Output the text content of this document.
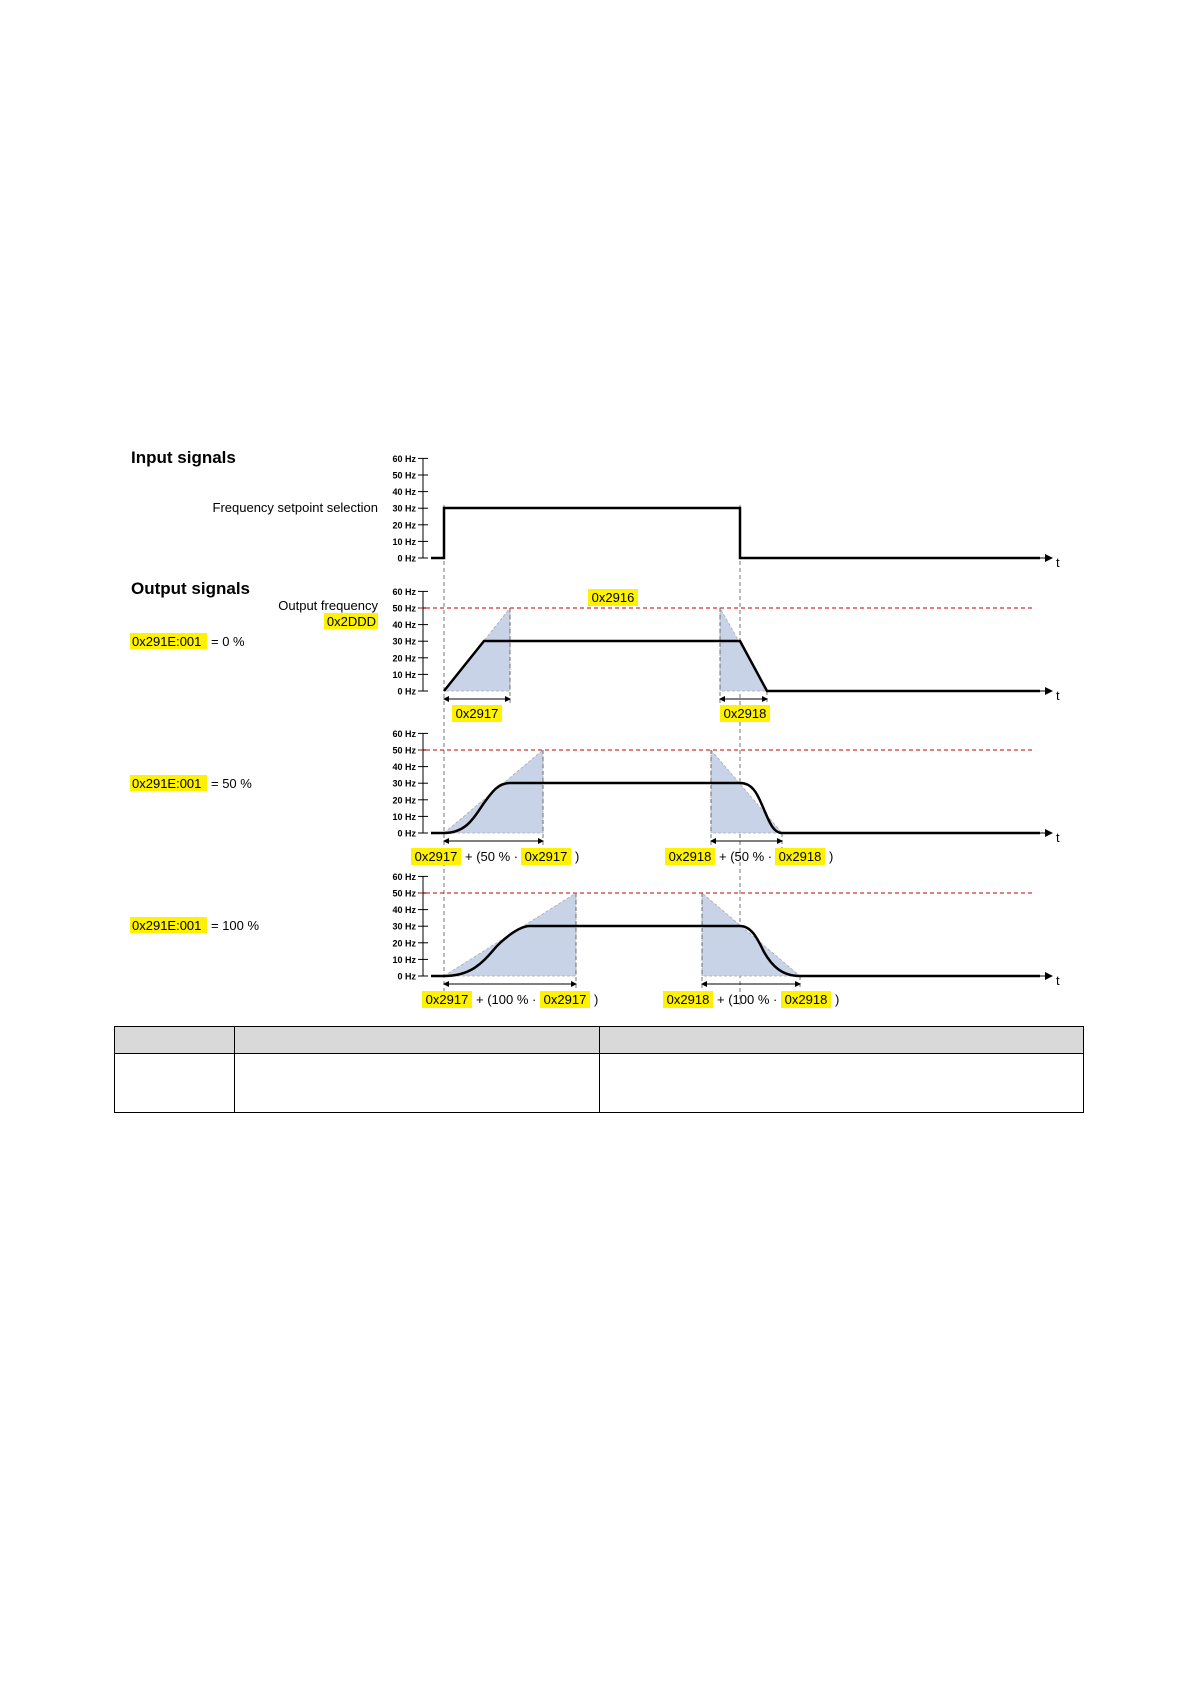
Input signals
Output signals
Frequency setpoint selection
Output frequency
0x2DDD
0x291E:001 = 0 %
0x291E:001 = 50 %
0x291E:001 = 100 %
60 Hz
50 Hz
40 Hz
30 Hz
20 Hz
10 Hz
0 Hz
60 Hz
50 Hz
40 Hz
30 Hz
20 Hz
10 Hz
0 Hz
60 Hz
50 Hz
40 Hz
30 Hz
20 Hz
10 Hz
0 Hz
60 Hz
50 Hz
40 Hz
30 Hz
20 Hz
10 Hz
0 Hz
t
0x2916
t
0x2917	0x2918
t
0x2917 + (50 % · 0x2917 )	0x2918 + (50 % · 0x2918 )
t
0x2917 + (100 % · 0x2917 )	0x2918 + (100 % · 0x2918 )
